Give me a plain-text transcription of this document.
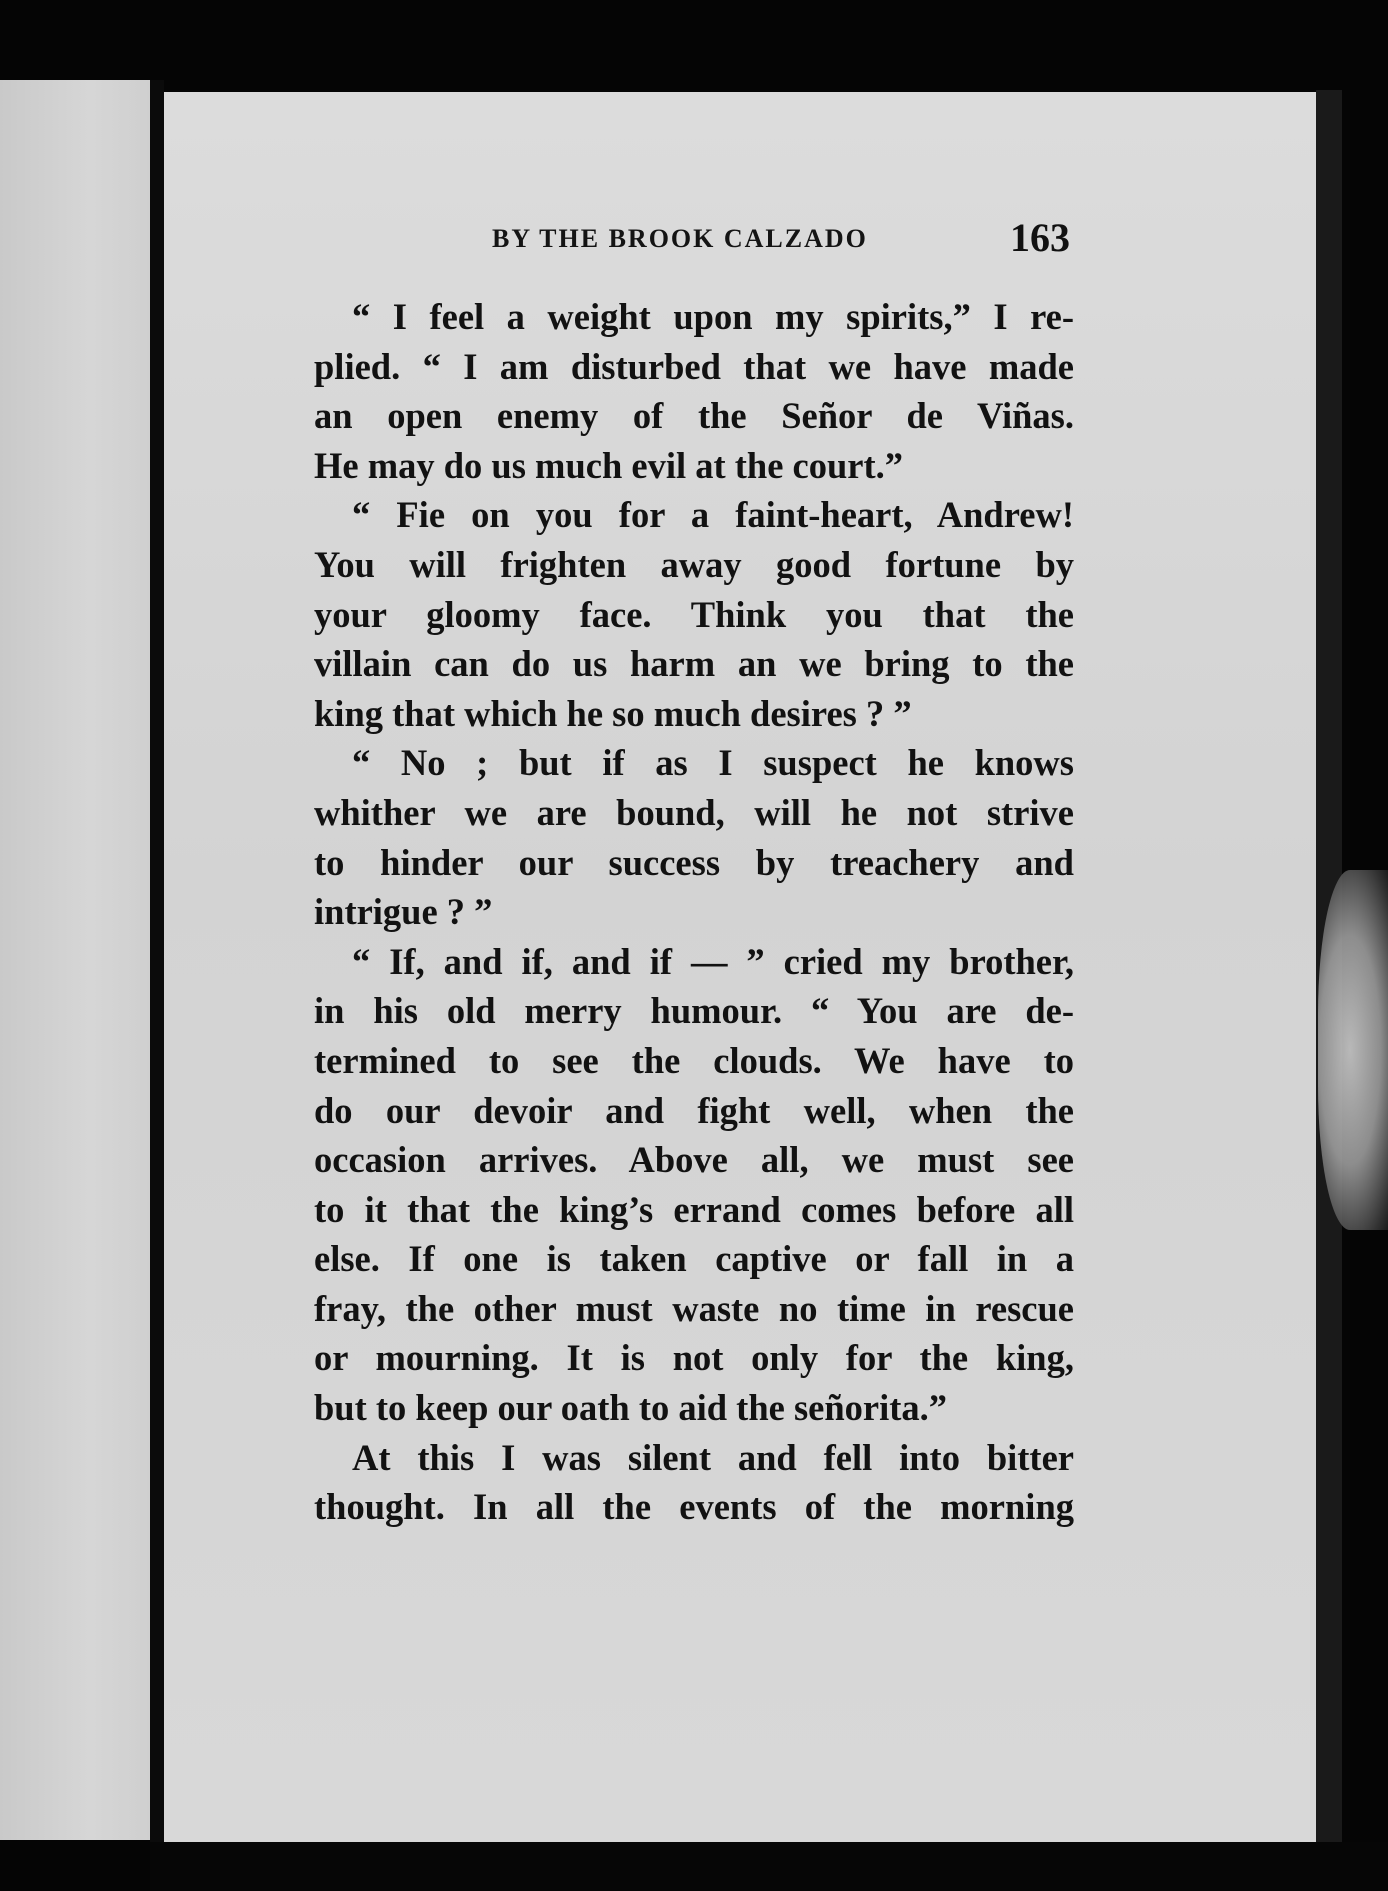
BY THE BROOK CALZADO	163
“ I feel a weight upon my spirits,” I re-
plied. “ I am disturbed that we have made
an open enemy of the Señor de Viñas.
He may do us much evil at the court.”
“ Fie on you for a faint-heart, Andrew!
You will frighten away good fortune by
your gloomy face. Think you that the
villain can do us harm an we bring to the
king that which he so much desires ? ”
“ No ; but if as I suspect he knows
whither we are bound, will he not strive
to hinder our success by treachery and
intrigue ? ”
“ If, and if, and if — ” cried my brother,
in his old merry humour. “ You are de-
termined to see the clouds. We have to
do our devoir and fight well, when the
occasion arrives. Above all, we must see
to it that the king’s errand comes before all
else. If one is taken captive or fall in a
fray, the other must waste no time in rescue
or mourning. It is not only for the king,
but to keep our oath to aid the señorita.”
At this I was silent and fell into bitter
thought. In all the events of the morning
